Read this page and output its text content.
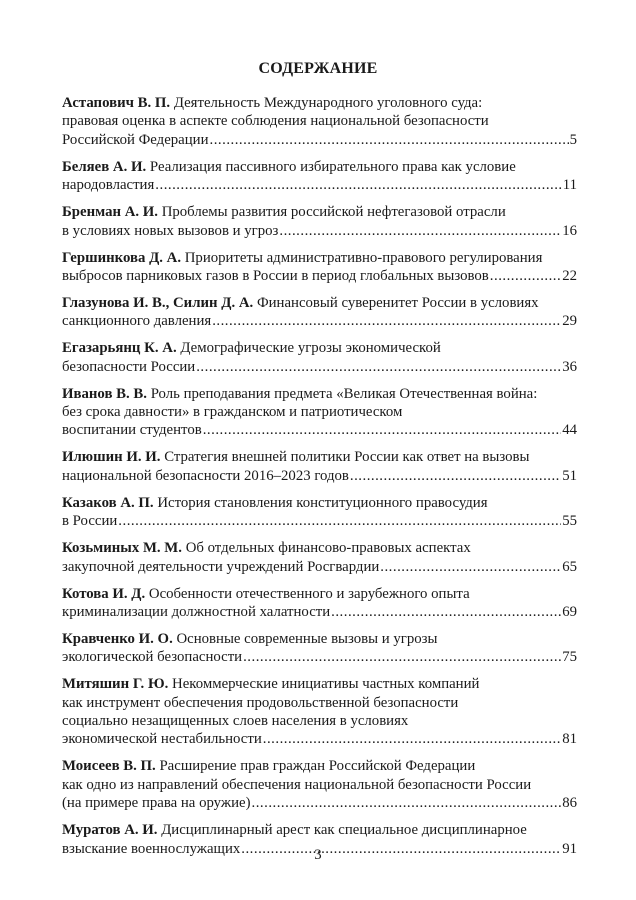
СОДЕРЖАНИЕ
Астапович В. П. Деятельность Международного уголовного суда:
правовая оценка в аспекте соблюдения национальной безопасности
Российской Федерации .....	5
Беляев А. И. Реализация пассивного избирательного права как условие
народовластия .....	11
Бренман А. И. Проблемы развития российской нефтегазовой отрасли
в условиях новых вызовов и угроз .....	16
Гершинкова Д. А. Приоритеты административно-правового регулирования
выбросов парниковых газов в России в период глобальных вызовов .....	22
Глазунова И. В., Силин Д. А. Финансовый суверенитет России в условиях
санкционного давления .....	29
Егазарьянц К. А. Демографические угрозы экономической
безопасности России .....	36
Иванов В. В. Роль преподавания предмета «Великая Отечественная война:
без срока давности» в гражданском и патриотическом
воспитании студентов .....	44
Илюшин И. И. Стратегия внешней политики России как ответ на вызовы
национальной безопасности 2016–2023 годов .....	51
Казаков А. П. История становления конституционного правосудия
в России .....	55
Козьминых М. М. Об отдельных финансово-правовых аспектах
закупочной деятельности учреждений Росгвардии .....	65
Котова И. Д. Особенности отечественного и зарубежного опыта
криминализации должностной халатности .....	69
Кравченко И. О. Основные современные вызовы и угрозы
экологической безопасности .....	75
Митяшин Г. Ю. Некоммерческие инициативы частных компаний
как инструмент обеспечения продовольственной безопасности
социально незащищенных слоев населения в условиях
экономической нестабильности .....	81
Моисеев В. П. Расширение прав граждан Российской Федерации
как одно из направлений обеспечения национальной безопасности России
(на примере права на оружие) .....	86
Муратов А. И. Дисциплинарный арест как специальное дисциплинарное
взыскание военнослужащих .....	91
3
